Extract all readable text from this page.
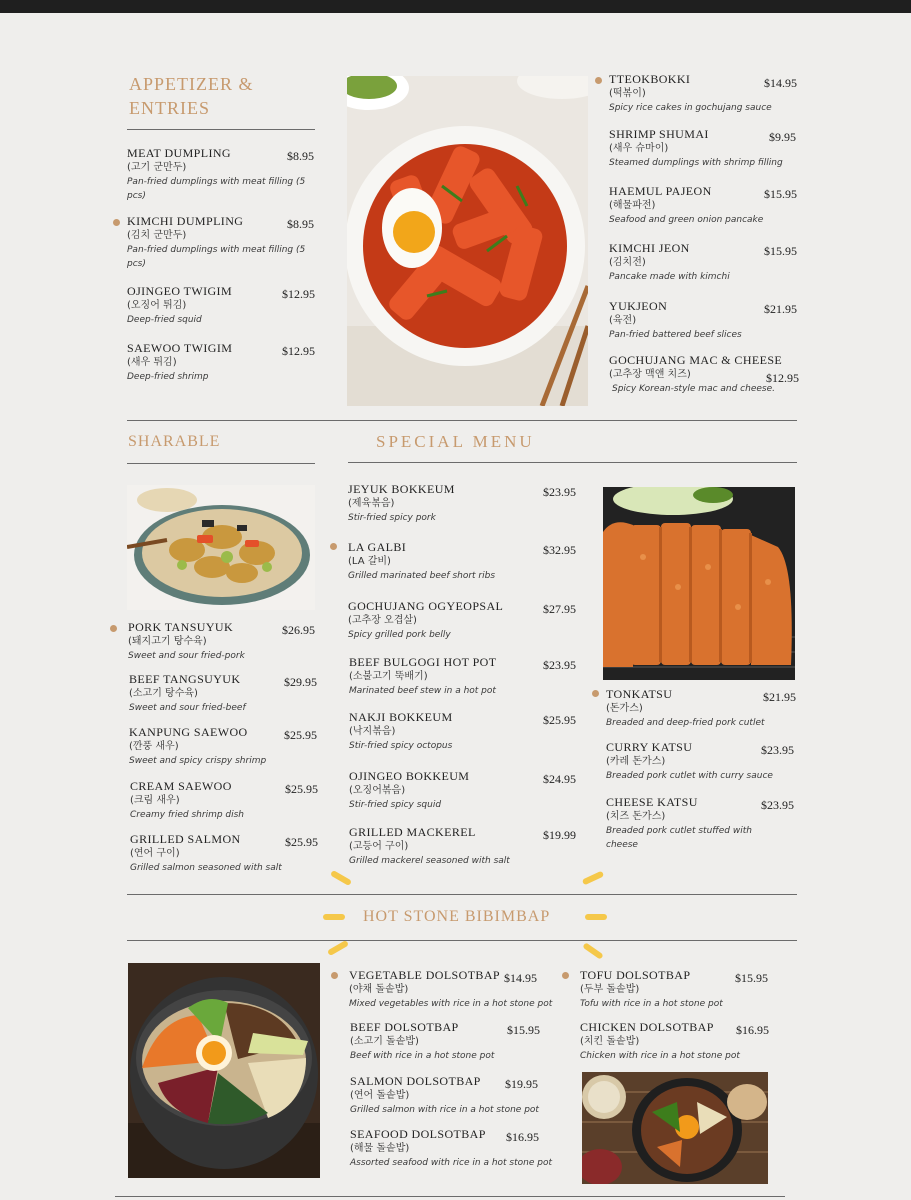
APPETIZER &
ENTRIES
MEAT DUMPLING
(고기 군만두)
Pan-fried dumplings with meat filling (5 pcs)
$8.95
KIMCHI DUMPLING
(김치 군만두)
Pan-fried dumplings with meat filling (5 pcs)
$8.95
OJINGEO TWIGIM
(오징어 튀김)
Deep-fried squid
$12.95
SAEWOO TWIGIM
(새우 튀김)
Deep-fried shrimp
$12.95
TTEOKBOKKI
(떡볶이)
Spicy rice cakes in gochujang sauce
$14.95
SHRIMP SHUMAI
(새우 슈마이)
Steamed dumplings with shrimp filling
$9.95
HAEMUL PAJEON
(해물파전)
Seafood and green onion pancake
$15.95
KIMCHI JEON
(김치전)
Pancake made with kimchi
$15.95
YUKJEON
(육전)
Pan-fried battered beef slices
$21.95
GOCHUJANG MAC & CHEESE
(고추장 맥앤 치즈)
Spicy Korean-style mac and cheese.
$12.95
SHARABLE
PORK TANSUYUK
(돼지고기 탕수육)
Sweet and sour fried-pork
$26.95
BEEF TANGSUYUK
(소고기 탕수육)
Sweet and sour fried-beef
$29.95
KANPUNG SAEWOO
(깐풍 새우)
Sweet and spicy crispy shrimp
$25.95
CREAM SAEWOO
(크림 새우)
Creamy fried shrimp dish
$25.95
GRILLED SALMON
(연어 구이)
Grilled salmon seasoned with salt
$25.95
SPECIAL MENU
JEYUK BOKKEUM
(제육볶음)
Stir-fried spicy pork
$23.95
LA GALBI
(LA 갈비)
Grilled marinated beef short ribs
$32.95
GOCHUJANG OGYEOPSAL
(고추장 오겹살)
Spicy grilled pork belly
$27.95
BEEF BULGOGI HOT POT
(소불고기 뚝배기)
Marinated beef stew in a hot pot
$23.95
NAKJI BOKKEUM
(낙지볶음)
Stir-fried spicy octopus
$25.95
OJINGEO BOKKEUM
(오징어볶음)
Stir-fried spicy squid
$24.95
GRILLED MACKEREL
(고등어 구이)
Grilled mackerel seasoned with salt
$19.99
TONKATSU
(돈가스)
Breaded and deep-fried pork cutlet
$21.95
CURRY KATSU
(카레 돈가스)
Breaded pork cutlet with curry sauce
$23.95
CHEESE KATSU
(치즈 돈가스)
Breaded pork cutlet stuffed with cheese
$23.95
HOT STONE BIBIMBAP
VEGETABLE DOLSOTBAP
(야채 돌솥밥)
Mixed vegetables with rice in a hot stone pot
$14.95
BEEF DOLSOTBAP
(소고기 돌솥밥)
Beef with rice in a hot stone pot
$15.95
SALMON DOLSOTBAP
(연어 돌솥밥)
Grilled salmon with rice in a hot stone pot
$19.95
SEAFOOD DOLSOTBAP
(해물 돌솥밥)
Assorted seafood with rice in a hot stone pot
$16.95
TOFU DOLSOTBAP
(두부 돌솥밥)
Tofu with rice in a hot stone pot
$15.95
CHICKEN DOLSOTBAP
(치킨 돌솥밥)
Chicken with rice in a hot stone pot
$16.95
